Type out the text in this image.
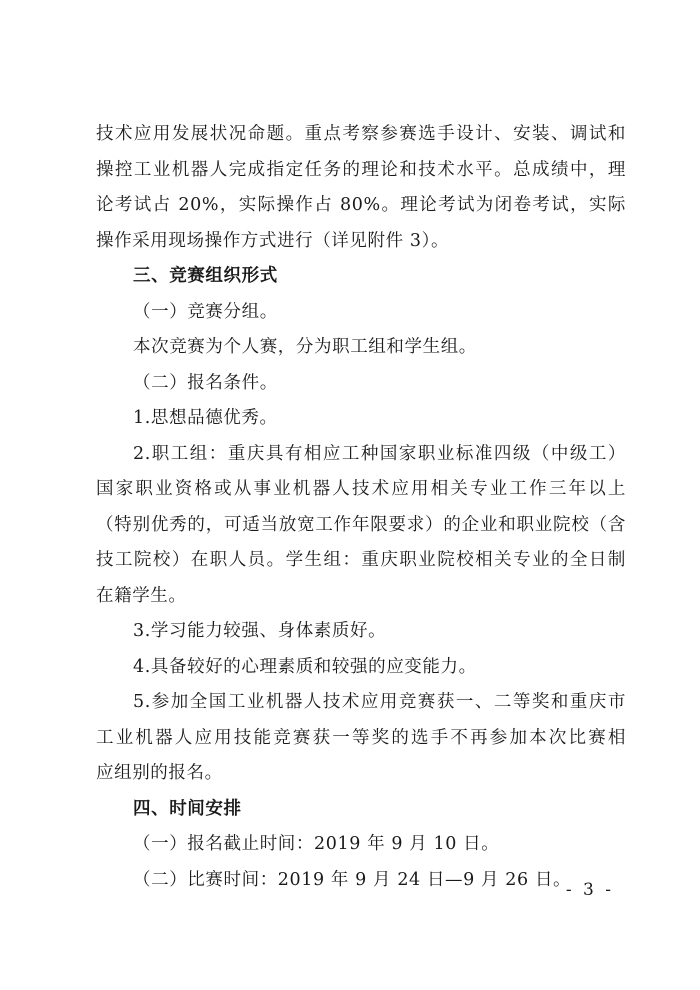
技术应用发展状况命题。重点考察参赛选手设计、安装、调试和
操控工业机器人完成指定任务的理论和技术水平。总成绩中，理
论考试占 20%，实际操作占 80%。理论考试为闭卷考试，实际
操作采用现场操作方式进行（详见附件 3）。
三、竞赛组织形式
（一）竞赛分组。
本次竞赛为个人赛，分为职工组和学生组。
（二）报名条件。
1.思想品德优秀。
2.职工组：重庆具有相应工种国家职业标准四级（中级工）
国家职业资格或从事业机器人技术应用相关专业工作三年以上
（特别优秀的，可适当放宽工作年限要求）的企业和职业院校（含
技工院校）在职人员。学生组：重庆职业院校相关专业的全日制
在籍学生。
3.学习能力较强、身体素质好。
4.具备较好的心理素质和较强的应变能力。
5.参加全国工业机器人技术应用竞赛获一、二等奖和重庆市
工业机器人应用技能竞赛获一等奖的选手不再参加本次比赛相
应组别的报名。
四、时间安排
（一）报名截止时间：2019 年 9 月 10 日。
（二）比赛时间：2019 年 9 月 24 日—9 月 26 日。
- 3 -
